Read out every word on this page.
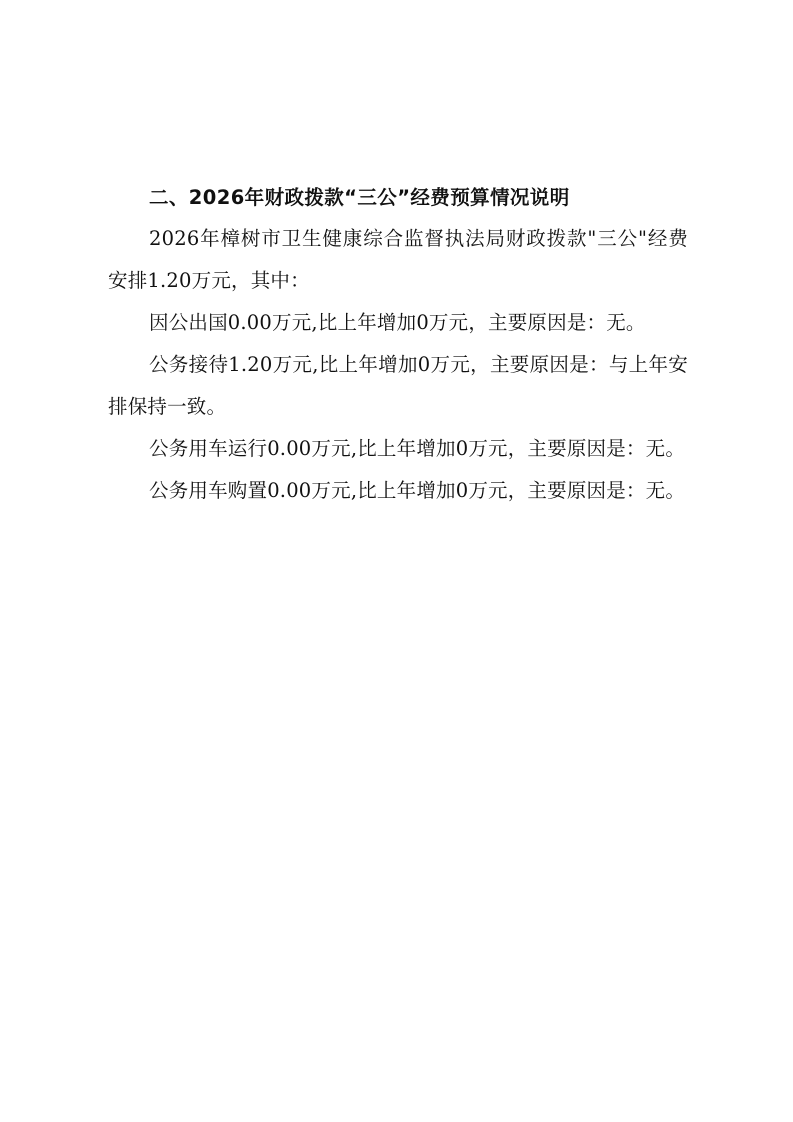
二、2026年财政拨款“三公”经费预算情况说明

2026年樟树市卫生健康综合监督执法局财政拨款"三公"经费安排1.20万元，其中：

因公出国0.00万元,比上年增加0万元，主要原因是：无。

公务接待1.20万元,比上年增加0万元，主要原因是：与上年安排保持一致。

公务用车运行0.00万元,比上年增加0万元，主要原因是：无。

公务用车购置0.00万元,比上年增加0万元，主要原因是：无。
